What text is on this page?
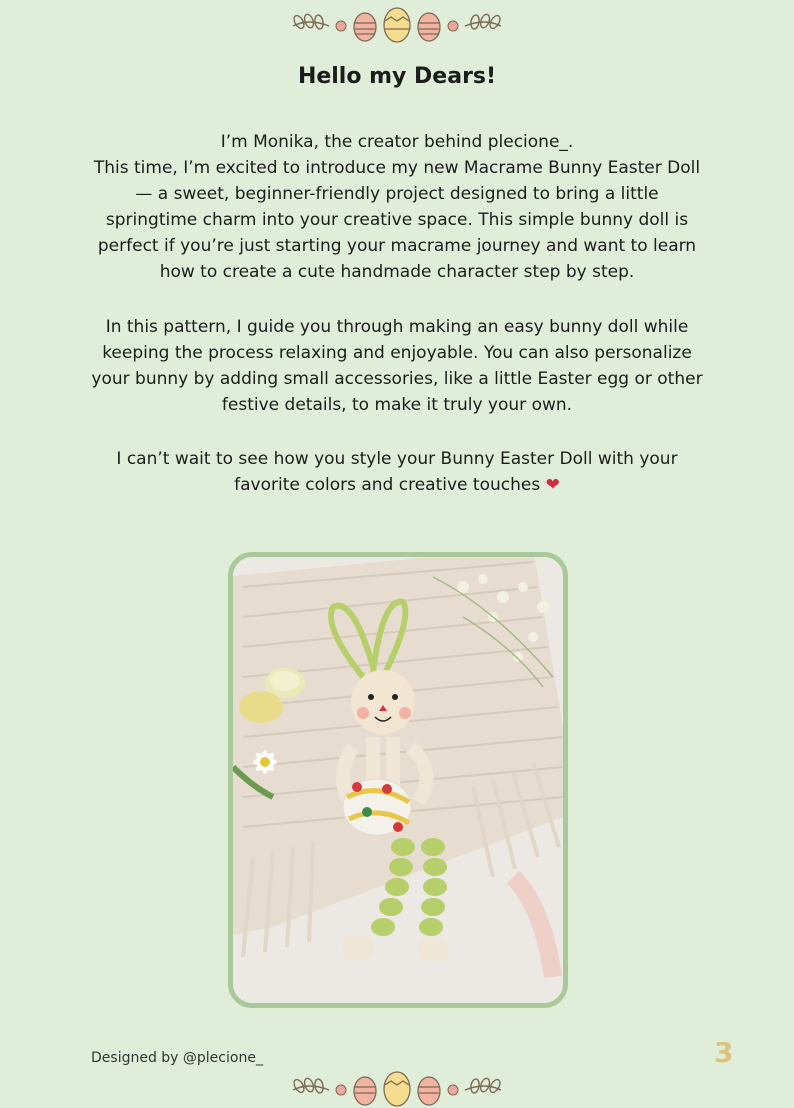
Hello my Dears!
I’m Monika, the creator behind plecione_.
This time, I’m excited to introduce my new Macrame Bunny Easter Doll
— a sweet, beginner-friendly project designed to bring a little
springtime charm into your creative space. This simple bunny doll is
perfect if you’re just starting your macrame journey and want to learn
how to create a cute handmade character step by step.
In this pattern, I guide you through making an easy bunny doll while
keeping the process relaxing and enjoyable. You can also personalize
your bunny by adding small accessories, like a little Easter egg or other
festive details, to make it truly your own.
I can’t wait to see how you style your Bunny Easter Doll with your
favorite colors and creative touches ❤
Designed by @plecione_	3
